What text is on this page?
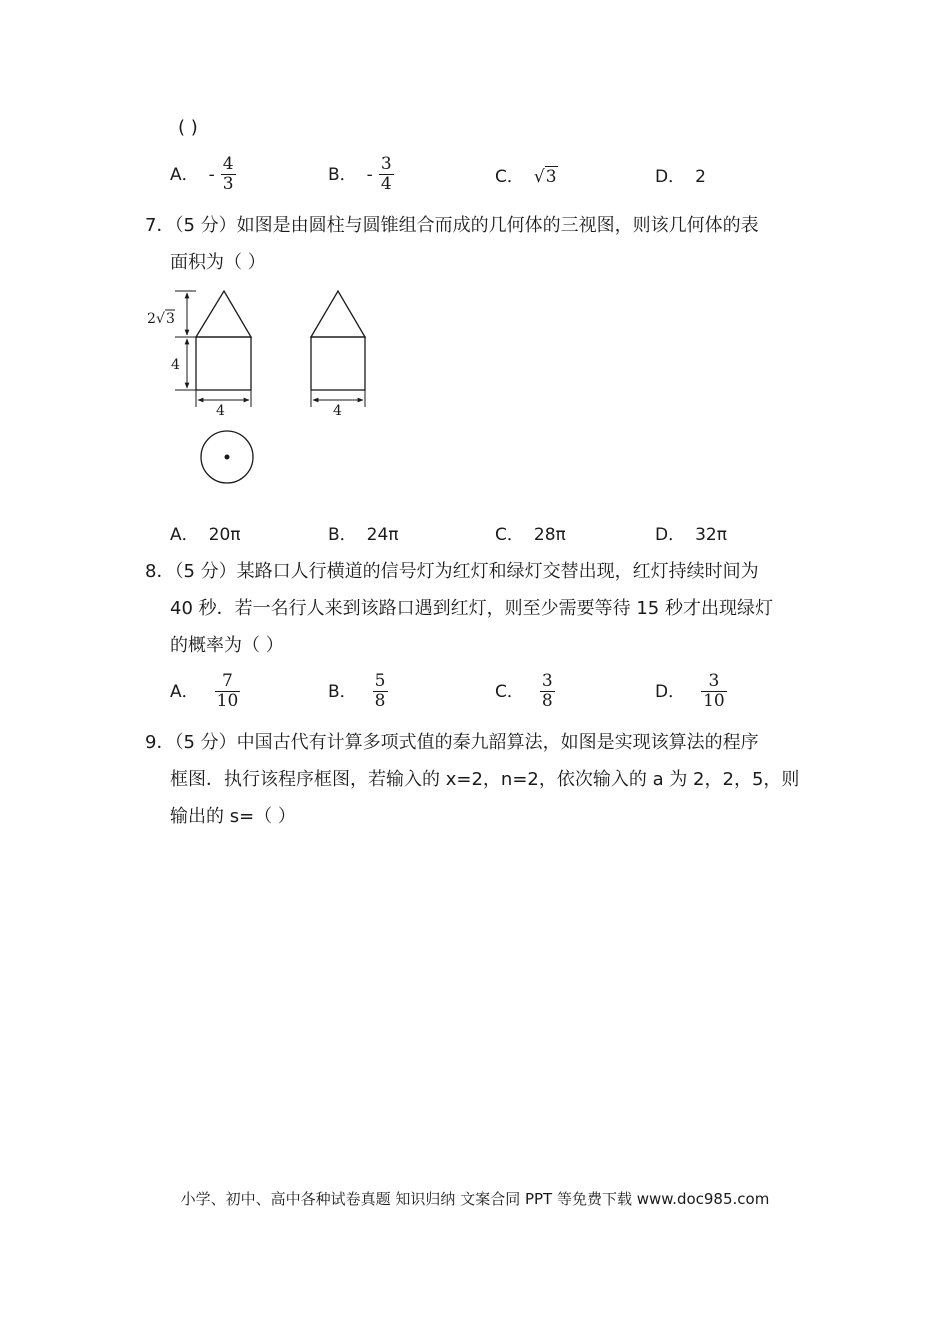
( )
A． - $\frac{4}{3}$	B． - $\frac{3}{4}$	C． √3	D． 2
7．（5 分）如图是由圆柱与圆锥组合而成的几何体的三视图，则该几何体的表
面积为（ ）
2 √ 3
4
4	4
A． 20π	B． 24π	C． 28π	D． 32π
8．（5 分）某路口人行横道的信号灯为红灯和绿灯交替出现，红灯持续时间为
40 秒．若一名行人来到该路口遇到红灯，则至少需要等待 15 秒才出现绿灯
的概率为（ ）
A． $\frac{7}{10}$	B． $\frac{5}{8}$	C． $\frac{3}{8}$	D． $\frac{3}{10}$
9．（5 分）中国古代有计算多项式值的秦九韶算法，如图是实现该算法的程序
框图．执行该程序框图，若输入的 x=2，n=2，依次输入的 a 为 2，2，5，则
输出的 s=（ ）
小学、初中、高中各种试卷真题 知识归纳 文案合同 PPT 等免费下载 www.doc985.com
